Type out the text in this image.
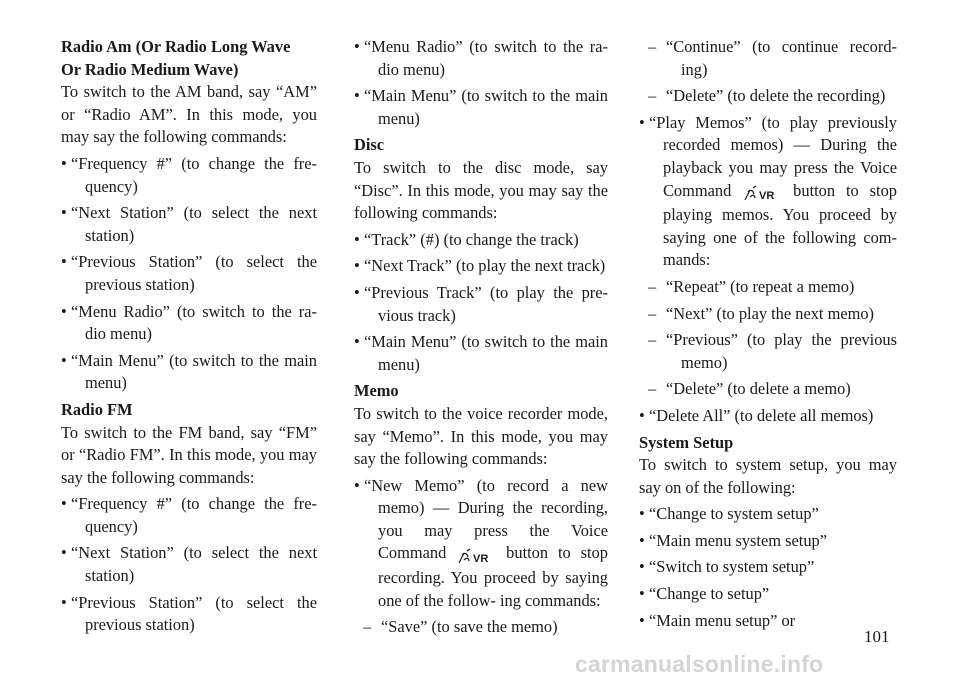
Radio Am (Or Radio Long Wave
Or Radio Medium Wave)

To switch to the AM band, say “AM” or “Radio AM”. In this mode, you may say the following commands:

• “Frequency #” (to change the fre- quency)
• “Next Station” (to select the next station)
• “Previous Station” (to select the previous station)
• “Menu Radio” (to switch to the ra- dio menu)
• “Main Menu” (to switch to the main menu)
Radio FM

To switch to the FM band, say “FM” or “Radio FM”. In this mode, you may say the following commands:

• “Frequency #” (to change the fre- quency)
• “Next Station” (to select the next station)
• “Previous Station” (to select the previous station)
• “Menu Radio” (to switch to the ra- dio menu)
• “Main Menu” (to switch to the main menu)
Disc

To switch to the disc mode, say “Disc”. In this mode, you may say the following commands:

• “Track” (#) (to change the track)
• “Next Track” (to play the next track)
• “Previous Track” (to play the pre- vious track)
• “Main Menu” (to switch to the main menu)
Memo

To switch to the voice recorder mode, say “Memo”. In this mode, you may say the following commands:

• “New Memo” (to record a new memo) — During the recording, you may press the Voice Command VR button to stop recording. You proceed by saying one of the follow- ing commands:
– “Save” (to save the memo)
– “Continue” (to continue record- ing)
– “Delete” (to delete the recording)
• “Play Memos” (to play previously recorded memos) — During the playback you may press the Voice Command	VR button to stop playing memos. You proceed by saying one of the following com- mands:
– “Repeat” (to repeat a memo)
– “Next” (to play the next memo)
– “Previous” (to play the previous memo)
– “Delete” (to delete a memo)
• “Delete All” (to delete all memos)
System Setup

To switch to system setup, you may say on of the following:

• “Change to system setup”
• “Main menu system setup”
• “Switch to system setup”
• “Change to setup”
• “Main menu setup” or
101
carmanualsonline.info
